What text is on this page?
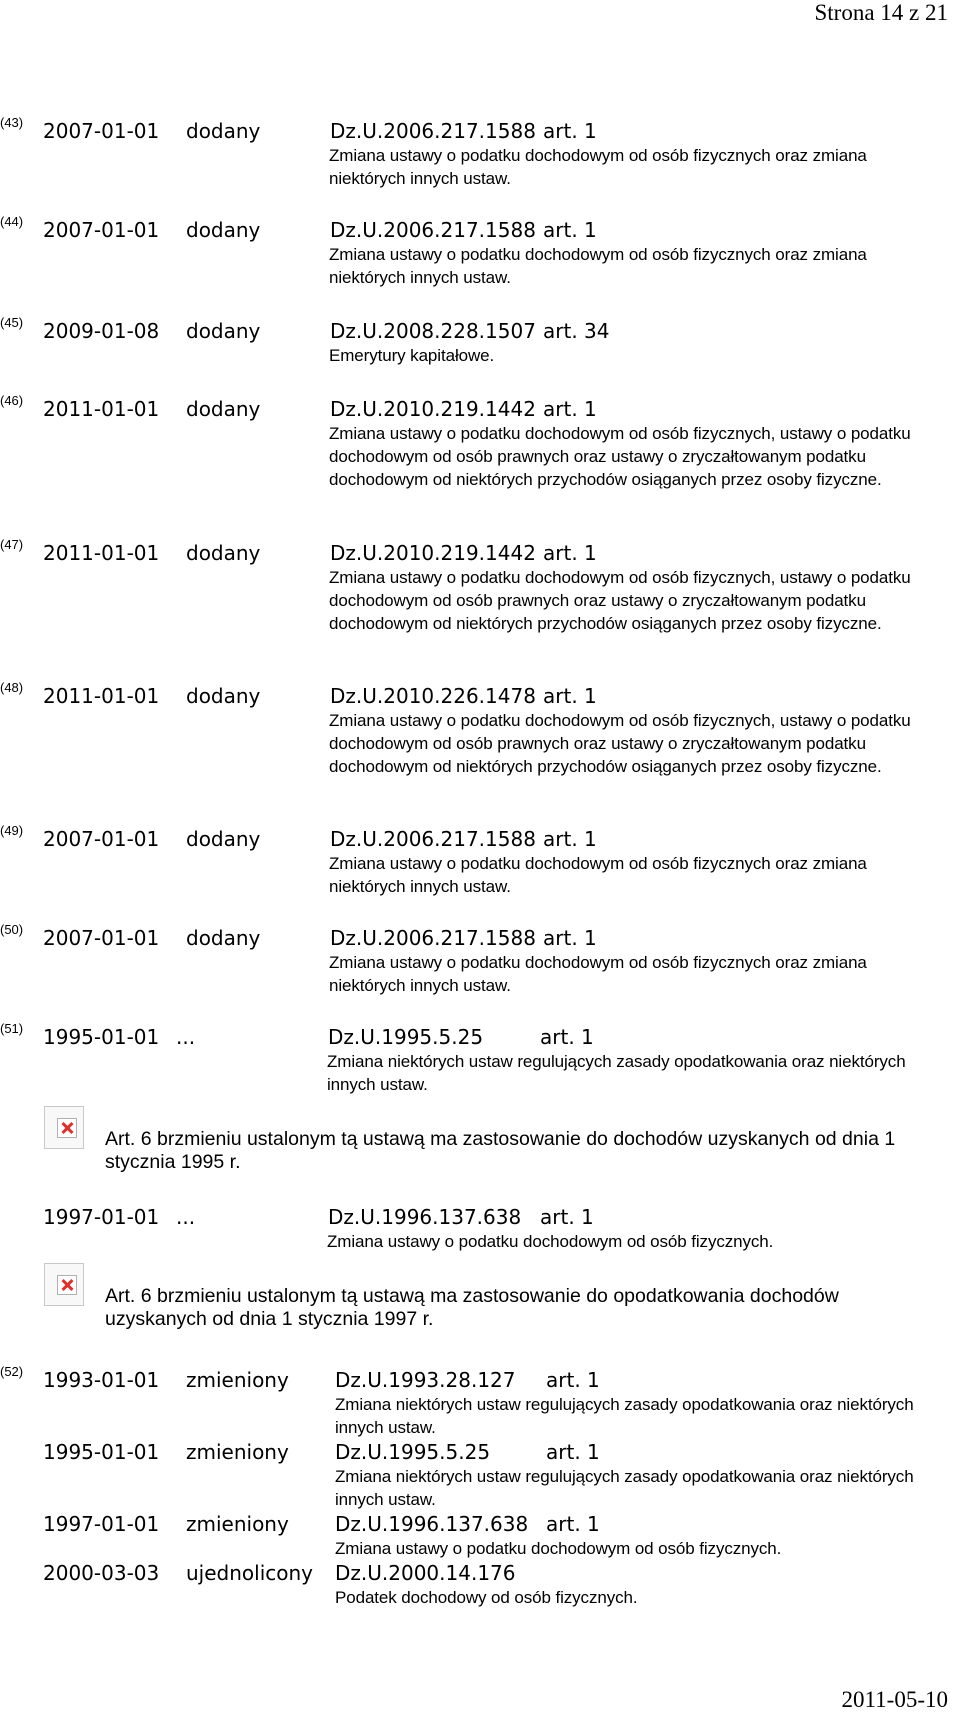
Strona 14 z 21
(43) 2007-01-01 dodany	Dz.U.2006.217.1588 art. 1
Zmiana ustawy o podatku dochodowym od osób fizycznych oraz zmiana niektórych innych ustaw.
(44) 2007-01-01 dodany	Dz.U.2006.217.1588 art. 1
Zmiana ustawy o podatku dochodowym od osób fizycznych oraz zmiana niektórych innych ustaw.
(45) 2009-01-08 dodany	Dz.U.2008.228.1507 art. 34
Emerytury kapitałowe.
(46) 2011-01-01 dodany	Dz.U.2010.219.1442 art. 1
Zmiana ustawy o podatku dochodowym od osób fizycznych, ustawy o podatku dochodowym od osób prawnych oraz ustawy o zryczałtowanym podatku dochodowym od niektórych przychodów osiąganych przez osoby fizyczne.
(47) 2011-01-01 dodany	Dz.U.2010.219.1442 art. 1
Zmiana ustawy o podatku dochodowym od osób fizycznych, ustawy o podatku dochodowym od osób prawnych oraz ustawy o zryczałtowanym podatku dochodowym od niektórych przychodów osiąganych przez osoby fizyczne.
(48) 2011-01-01 dodany	Dz.U.2010.226.1478 art. 1
Zmiana ustawy o podatku dochodowym od osób fizycznych, ustawy o podatku dochodowym od osób prawnych oraz ustawy o zryczałtowanym podatku dochodowym od niektórych przychodów osiąganych przez osoby fizyczne.
(49) 2007-01-01 dodany	Dz.U.2006.217.1588 art. 1
Zmiana ustawy o podatku dochodowym od osób fizycznych oraz zmiana niektórych innych ustaw.
(50) 2007-01-01 dodany	Dz.U.2006.217.1588 art. 1
Zmiana ustawy o podatku dochodowym od osób fizycznych oraz zmiana niektórych innych ustaw.
(51) 1995-01-01 ...	Dz.U.1995.5.25	art. 1
Zmiana niektórych ustaw regulujących zasady opodatkowania oraz niektórych innych ustaw.
Art. 6 brzmieniu ustalonym tą ustawą ma zastosowanie do dochodów uzyskanych od dnia 1 stycznia 1995 r.
1997-01-01 ...	Dz.U.1996.137.638 art. 1
Zmiana ustawy o podatku dochodowym od osób fizycznych.
Art. 6 brzmieniu ustalonym tą ustawą ma zastosowanie do opodatkowania dochodów uzyskanych od dnia 1 stycznia 1997 r.
(52) 1993-01-01 zmieniony Dz.U.1993.28.127 art. 1
Zmiana niektórych ustaw regulujących zasady opodatkowania oraz niektórych innych ustaw.
1995-01-01 zmieniony Dz.U.1995.5.25	art. 1
Zmiana niektórych ustaw regulujących zasady opodatkowania oraz niektórych innych ustaw.
1997-01-01 zmieniony Dz.U.1996.137.638 art. 1
Zmiana ustawy o podatku dochodowym od osób fizycznych.
2000-03-03 ujednolicony Dz.U.2000.14.176
Podatek dochodowy od osób fizycznych.
2011-05-10
